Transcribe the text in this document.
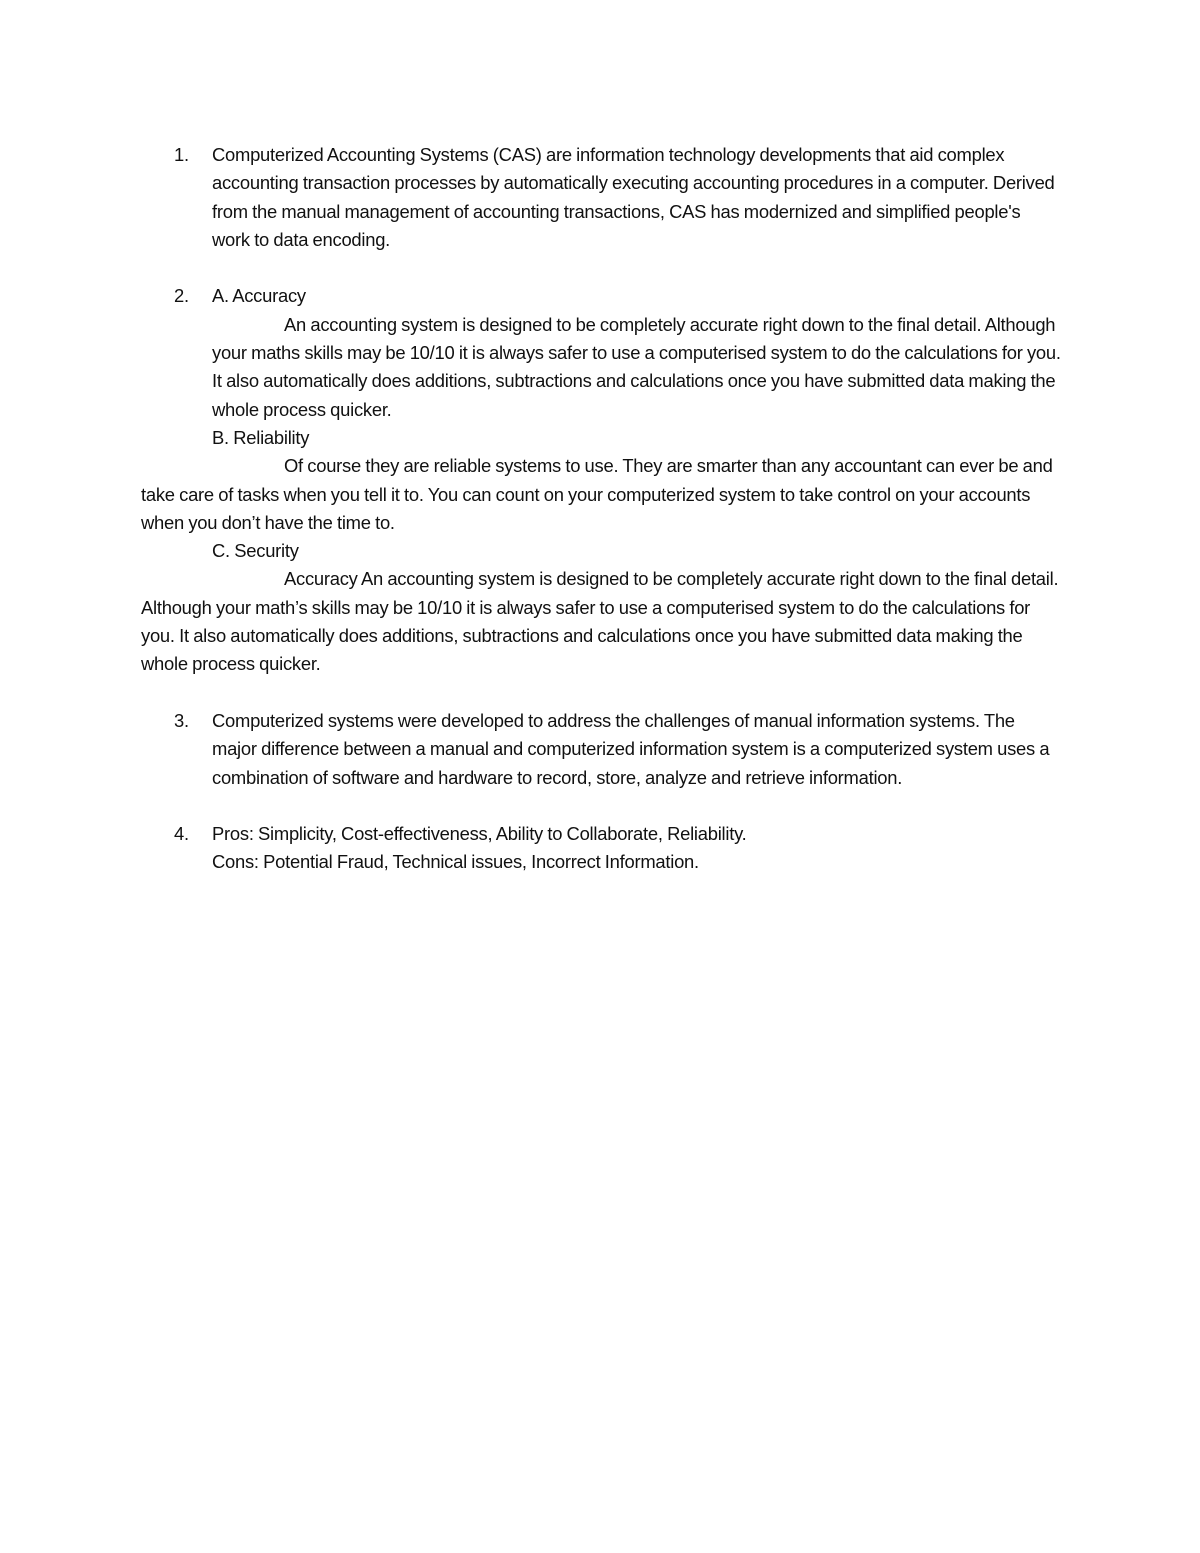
1. Computerized Accounting Systems (CAS) are information technology developments that aid complex accounting transaction processes by automatically executing accounting procedures in a computer. Derived from the manual management of accounting transactions, CAS has modernized and simplified people's work to data encoding.

2. A. Accuracy

An accounting system is designed to be completely accurate right down to the final detail. Although your maths skills may be 10/10 it is always safer to use a computerised system to do the calculations for you. It also automatically does additions, subtractions and calculations once you have submitted data making the whole process quicker.

B. Reliability

Of course they are reliable systems to use. They are smarter than any accountant can ever be and take care of tasks when you tell it to. You can count on your computerized system to take control on your accounts when you don’t have the time to.

C. Security

Accuracy An accounting system is designed to be completely accurate right down to the final detail. Although your math’s skills may be 10/10 it is always safer to use a computerised system to do the calculations for you. It also automatically does additions, subtractions and calculations once you have submitted data making the whole process quicker.

3. Computerized systems were developed to address the challenges of manual information systems. The major difference between a manual and computerized information system is a computerized system uses a combination of software and hardware to record, store, analyze and retrieve information.

4. Pros: Simplicity, Cost-effectiveness, Ability to Collaborate, Reliability.

Cons: Potential Fraud, Technical issues, Incorrect Information.
